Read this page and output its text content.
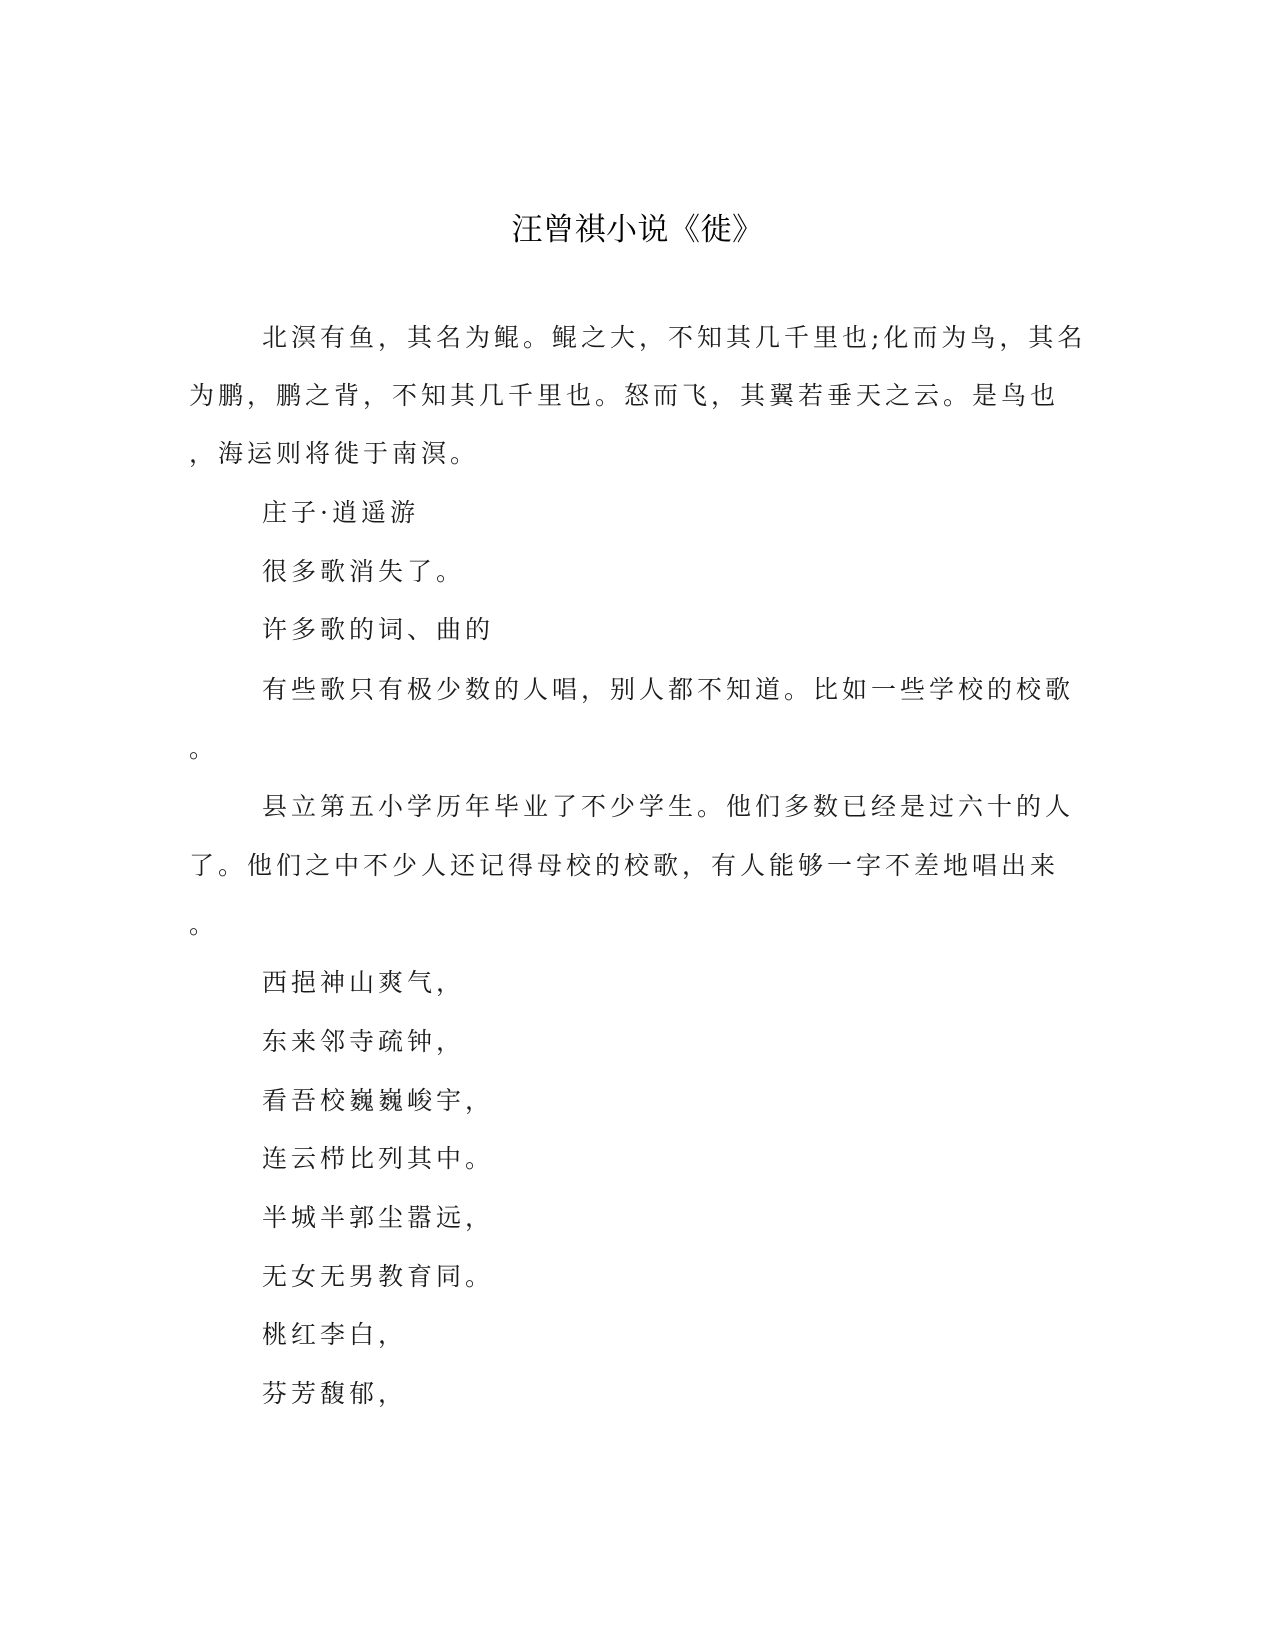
汪曾祺小说《徙》
北溟有鱼，其名为鲲。鲲之大，不知其几千里也;化而为鸟，其名
为鹏，鹏之背，不知其几千里也。怒而飞，其翼若垂天之云。是鸟也
，海运则将徙于南溟。
庄子·逍遥游
很多歌消失了。
许多歌的词、曲的
有些歌只有极少数的人唱，别人都不知道。比如一些学校的校歌
。
县立第五小学历年毕业了不少学生。他们多数已经是过六十的人
了。他们之中不少人还记得母校的校歌，有人能够一字不差地唱出来
。
西挹神山爽气，
东来邻寺疏钟，
看吾校巍巍峻宇，
连云栉比列其中。
半城半郭尘嚣远，
无女无男教育同。
桃红李白，
芬芳馥郁，
